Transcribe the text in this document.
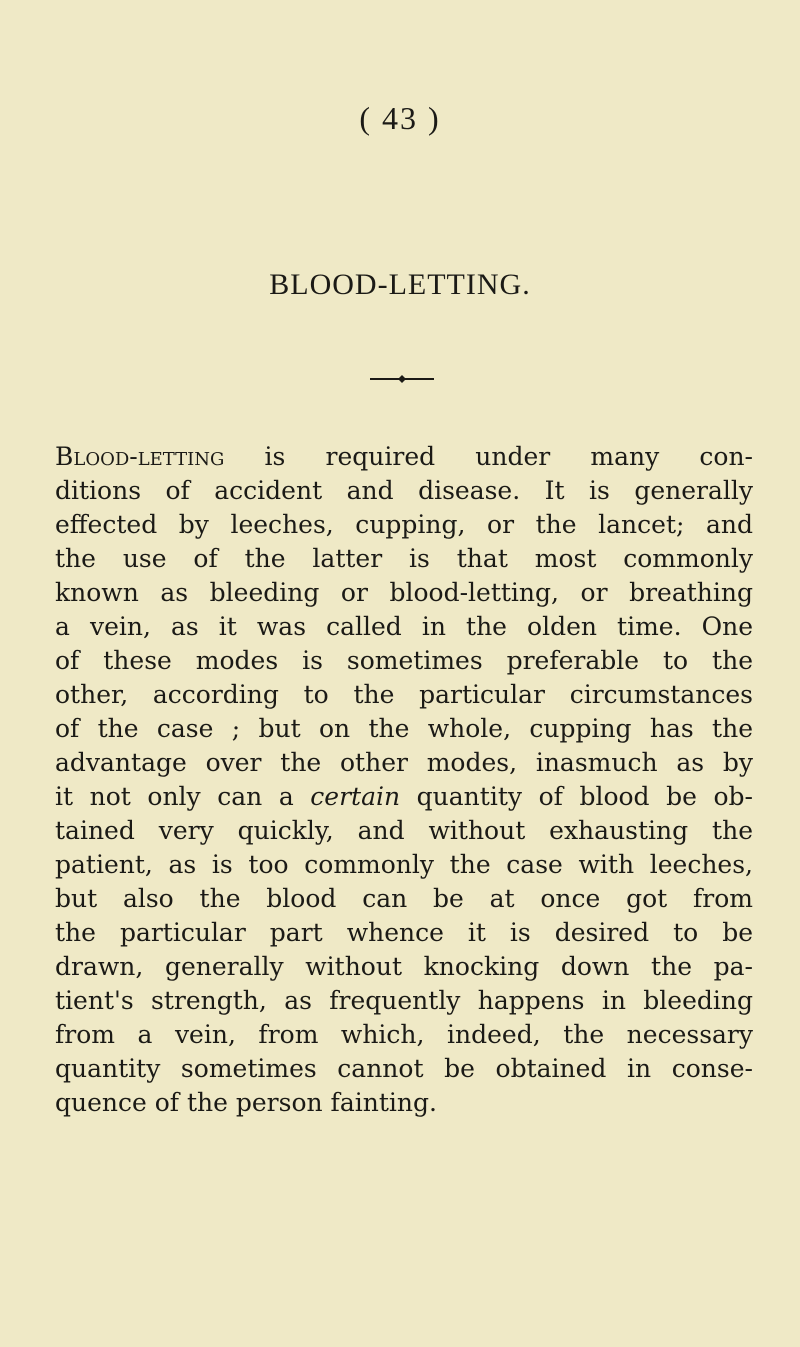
( 43 )
BLOOD-LETTING.
Blood-letting is required under many con-
ditions of accident and disease. It is generally
effected by leeches, cupping, or the lancet; and
the use of the latter is that most commonly
known as bleeding or blood-letting, or breathing
a vein, as it was called in the olden time. One
of these modes is sometimes preferable to the
other, according to the particular circumstances
of the case ; but on the whole, cupping has the
advantage over the other modes, inasmuch as by
it not only can a certain quantity of blood be ob-
tained very quickly, and without exhausting the
patient, as is too commonly the case with leeches,
but also the blood can be at once got from
the particular part whence it is desired to be
drawn, generally without knocking down the pa-
tient's strength, as frequently happens in bleeding
from a vein, from which, indeed, the necessary
quantity sometimes cannot be obtained in conse-
quence of the person fainting.
